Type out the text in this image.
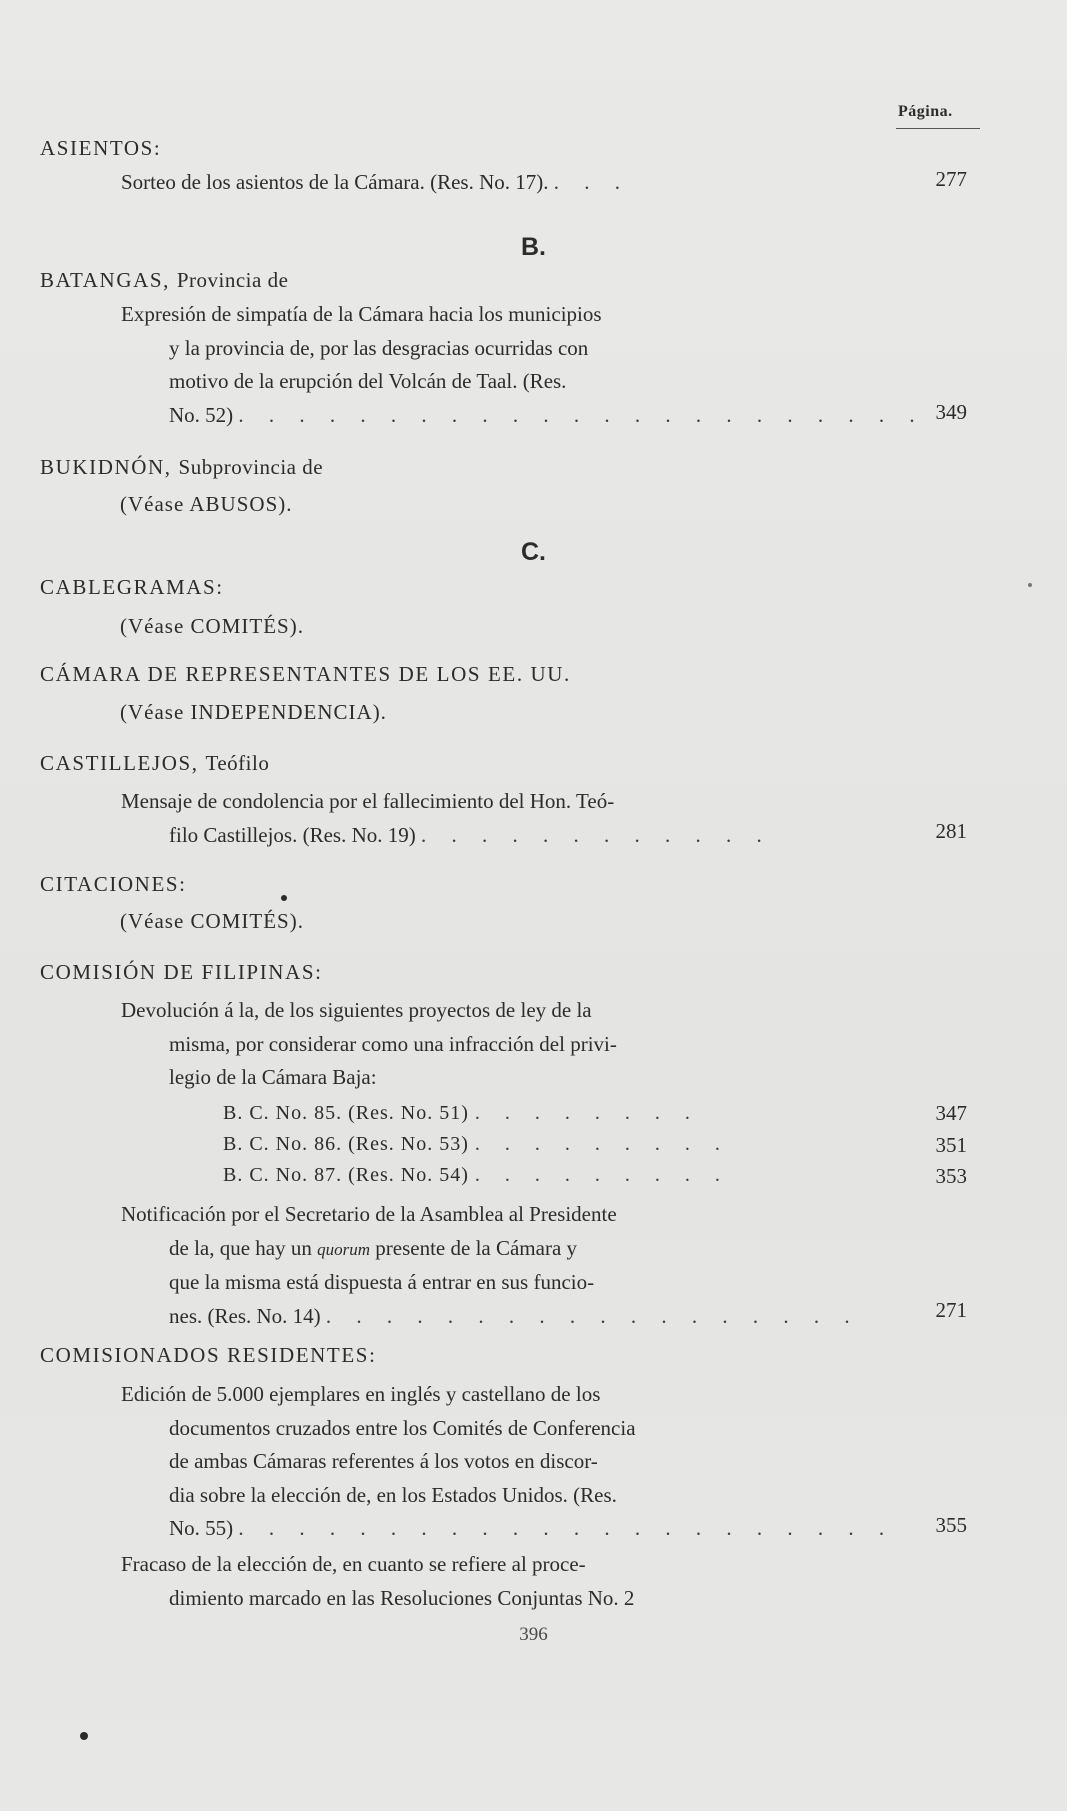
Página.
ASIENTOS:
Sorteo de los asientos de la Cámara. (Res. No. 17). . . .	277
B.
BATANGAS, Provincia de
Expresión de simpatía de la Cámara hacia los municipios
y la provincia de, por las desgracias ocurridas con
motivo de la erupción del Volcán de Taal. (Res.
No. 52) . . . . . . . . . . . . . . . . . . . . . . . 349
BUKIDNÓN, Subprovincia de
(Véase ABUSOS).
C.
CABLEGRAMAS:
(Véase COMITÉS).
CÁMARA DE REPRESENTANTES DE LOS EE. UU.
(Véase INDEPENDENCIA).
CASTILLEJOS, Teófilo
Mensaje de condolencia por el fallecimiento del Hon. Teó-
filo Castillejos. (Res. No. 19) . . . . . . . . . . . .	281
CITACIONES:
(Véase COMITÉS).
COMISIÓN DE FILIPINAS:
Devolución á la, de los siguientes proyectos de ley de la
misma, por considerar como una infracción del privi-
legio de la Cámara Baja:
B. C. No. 85. (Res. No. 51) . . . . . . . .	347
B. C. No. 86. (Res. No. 53) . . . . . . . . .	351
B. C. No. 87. (Res. No. 54) . . . . . . . . .	353
Notificación por el Secretario de la Asamblea al Presidente
de la, que hay un quorum presente de la Cámara y
que la misma está dispuesta á entrar en sus funcio-
nes. (Res. No. 14) . . . . . . . . . . . . . . . . . .	271
COMISIONADOS RESIDENTES:
Edición de 5.000 ejemplares en inglés y castellano de los
documentos cruzados entre los Comités de Conferencia
de ambas Cámaras referentes á los votos en discor-
dia sobre la elección de, en los Estados Unidos. (Res.
No. 55) . . . . . . . . . . . . . . . . . . . . . .	355
Fracaso de la elección de, en cuanto se refiere al proce-
dimiento marcado en las Resoluciones Conjuntas No. 2
396
